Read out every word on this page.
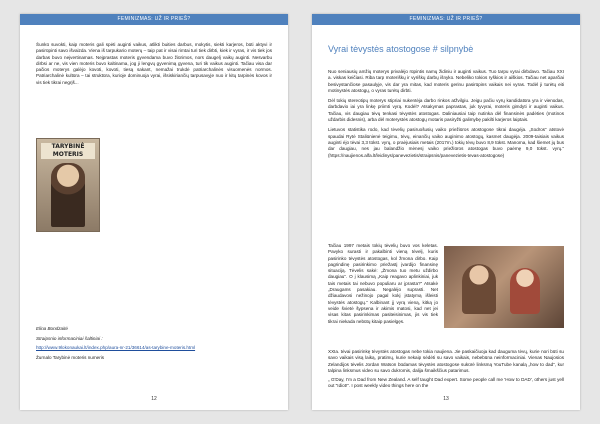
FEMINIZMAS: UŽ IR PRIEŠ?

Šunkū suvokti, kaip moteris gali spėti auginti vaikus, atlikti buities darbus, mokytis, siekti karjeros, būti aktyvi ir pasirūpinti savo išvaizda. Viena iš tarpukario moterų – taip pat ir visai rimtai turi tiek dirbti, kiek ir vyras, ir vis tiek jos darbas buvo neįvertinamas. Neįprastas moteris gyvendama buvo žiūrimos, nors daugelį vaikų auginti. Nesvarbu dirbsi ar ne, vis vien moteris buvo kaltinama, jog ji lengvų gyvenimą gyvena, turi tik vaikus auginti. Tačiau visa dar pačios moterys galėjo kovoti, kovoti, tiesą sakant, nemažai trukdė patriarchalinės visuomenės normos. Patriarchalinė kultūra – tai struktūra, kurioje dominuoja vyrai, išsiskiriančių tarpusavyje nuo ir kitų tarpinės kovos ir vis tiek tikrai negrįš...

TARYBINĖ MOTERIS

Elina Bondzaitė

Straipsnio informaciniai šaltiniai :

http://www.9lokonaukai.lt/index.php/aura-nr-21/36614/as-tarybine-moteris.html

Žurnalo Tarybinė moteris numeris

12
FEMINIZMAS: UŽ IR PRIEŠ?
Vyrai tėvystės atostogose # silpnybė

Nuo seniausių amžių moterys privalėjo rūpintis namų židiniu ir auginti vaikus. Tuo tarpu vyrai dirbdavo. Tačiau XXI a. viskas keičiasi. Riba tarp moteriškų ir vyriškų darbų išnyko. Nebeliko tokios ryškios ir aiškios. Tačiau net aparčiai besivystančiose pasaulyje, vis dar yra mitas, kad moteris gerinu pasirūpins vaikais nei vyras. Todėl ji turėtų eiti motinystės atostogų, o vyras turėtų dirbti.

Dėl tokių stereotipų moterys stipriai nukentėja darbo rinkos atžvilgiu. Jeigu pačiu vyrų kandidatūra yra ir vienodas, darbdavio iai yra linkę priimti vyrą. Kodėl? Atsakymas paprastas, juk tyvyrai, moteris gimdyti ir auginti vaikus. Tačiau, vis daugiau tėvų tenkasi tėvystės atostogas. Daliniausiai taip nutinka dėl finansinės padėties (motinos uždarbis didesnis), arba dėl moterystės atostogų motaris pasiryžti galimybę pakilti karjeros laiptais.

Lietuvos statistika rodo, kad tėvelių pasiruošusių vaiko priežiūros atostogose tikrai daugėja. „Sodros“ atstovė spaudai Rytė Staliūnienė teigimu, tėvų, einančių vaiko auginimo atostogų, kasmet daugėja. 2009-taisiais vaikus auginti ėjo tėvai 3,3 tūkst. vyrų, o praėjusiais metais (2017m.) tokių tėvų buvo 8,9 tūkst. Manoma, kad šiemet jų bus dar daugiau, nes jau balandžio mėnesį vaiko priežiūros atostogas buvo paėmę 9,0 tūkst. vyrų.“ (https://naujienos.alfa.lt/leidinys/panevezietis/straipsnis/panevezietis-tevas-atostogose)

Tačiau 1997 metais tokių tėvelių buvo vos keletas. Pavyko surasti ir pakalbinti vieną tėvelį, kuris pasirinko tėvystės atostogas, kol žmona dirbo. Kaip pagrindinę pasirinkimo priežastį įvardijo finansinę situaciją. Tėvelis sakė: „Žmona tuo metu uždirbo daugiau“. O į klausimą „Kaip reagavo aplinkiniai, juk tais metais tai nebuvo populiaru ar įprasta?“ Atsakė „Draugams pasakiau. Negalėjo suprasti. Net džiaudavosi nežinojo pagal kokį įstatymą išleisti tėvystės atostogų.“ Kalbinant jį vyrą vieną, kitką jo veide švietė šypsena ir akimis matosi, kad net jei visas kitas pasirinkimas pasiteisinimas, jis vis tiek tikrai niekada nebūtų kitaip pasielgęs.

XXIa. tėvai pasirinkę tėvystės atostogas nebe tokia naujiena. Jie paskaičiuoja kad dauguma tėvų, kurie nori būti su savo vaikais visą laiką, pratimų, kurie nekaip sėdėti su savo vaikais, nebebūna neinformaciniai. Vienas Naujosios Zelandijos tėvelis Jordan Watson būdamas tėvystės atostogose sukūrė linksmą YouTube kanalą „how to dad“, kur talpina linksmus video su savo dukromis, dalija šmaikščius patarimus.

„ G'Day, I'm a Dad from New Zealand. A self taught Dad expert. Some people call me 'How to DAD', others just yell out "Idiot!". I post weekly video things here on the

13
